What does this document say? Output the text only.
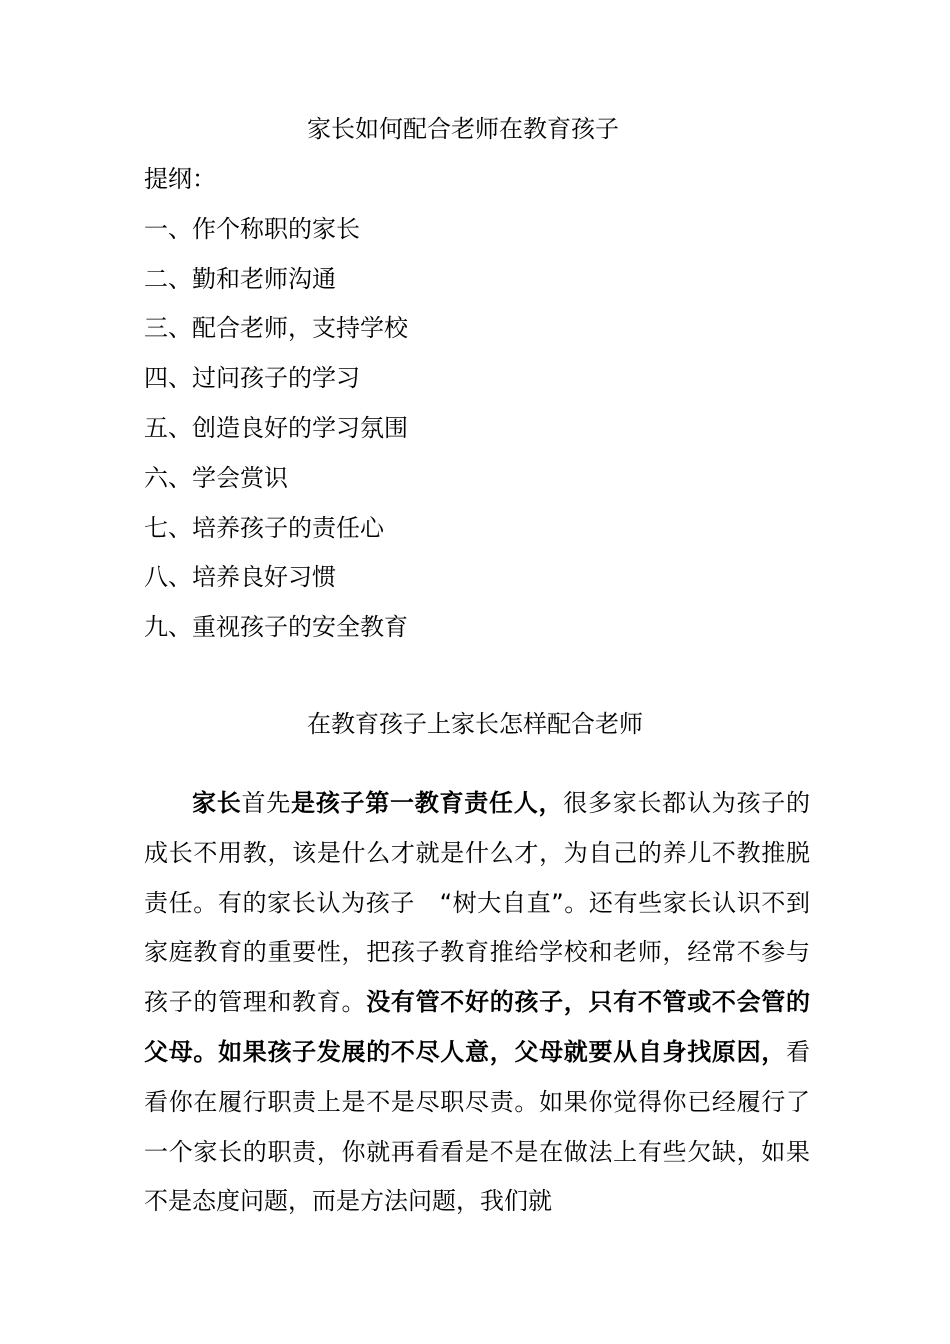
家长如何配合老师在教育孩子
提纲：
一、作个称职的家长
二、勤和老师沟通
三、配合老师，支持学校
四、过问孩子的学习
五、创造良好的学习氛围
六、学会赏识
七、培养孩子的责任心
八、培养良好习惯
九、重视孩子的安全教育
在教育孩子上家长怎样配合老师

家长首先是孩子第一教育责任人，很多家长都认为孩子的成长不用教，该是什么才就是什么才，为自己的养儿不教推脱责任。有的家长认为孩子　“树大自直”。还有些家长认识不到家庭教育的重要性，把孩子教育推给学校和老师，经常不参与孩子的管理和教育。没有管不好的孩子，只有不管或不会管的父母。如果孩子发展的不尽人意，父母就要从自身找原因，看看你在履行职责上是不是尽职尽责。如果你觉得你已经履行了一个家长的职责，你就再看看是不是在做法上有些欠缺，如果不是态度问题，而是方法问题，我们就
